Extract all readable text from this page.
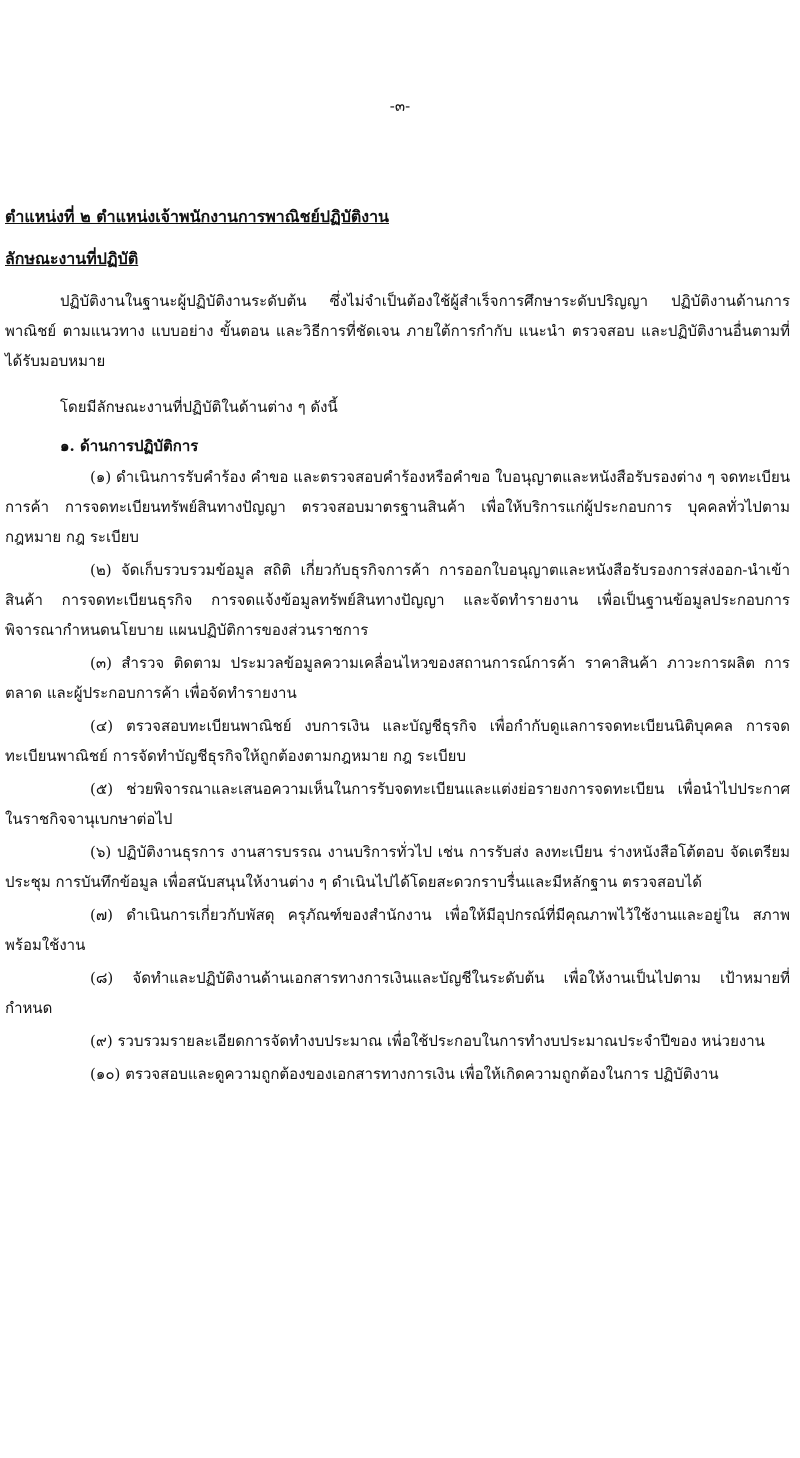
-๓-
ตำแหน่งที่ ๒ ตำแหน่งเจ้าพนักงานการพาณิชย์ปฏิบัติงาน
ลักษณะงานที่ปฏิบัติ

ปฏิบัติงานในฐานะผู้ปฏิบัติงานระดับต้น ซึ่งไม่จำเป็นต้องใช้ผู้สำเร็จการศึกษาระดับปริญญา ปฏิบัติงานด้านการพาณิชย์ ตามแนวทาง แบบอย่าง ขั้นตอน และวิธีการที่ชัดเจน ภายใต้การกำกับ แนะนำ ตรวจสอบ และปฏิบัติงานอื่นตามที่ได้รับมอบหมาย

โดยมีลักษณะงานที่ปฏิบัติในด้านต่าง ๆ ดังนี้

๑. ด้านการปฏิบัติการ
(๑) ดำเนินการรับคำร้อง คำขอ และตรวจสอบคำร้องหรือคำขอ ใบอนุญาตและหนังสือรับรองต่าง ๆ จดทะเบียนการค้า การจดทะเบียนทรัพย์สินทางปัญญา ตรวจสอบมาตรฐานสินค้า เพื่อให้บริการแก่ผู้ประกอบการ บุคคลทั่วไปตามกฎหมาย กฎ ระเบียบ
(๒) จัดเก็บรวบรวมข้อมูล สถิติ เกี่ยวกับธุรกิจการค้า การออกใบอนุญาตและหนังสือรับรองการส่งออก-นำเข้าสินค้า การจดทะเบียนธุรกิจ การจดแจ้งข้อมูลทรัพย์สินทางปัญญา และจัดทำรายงาน เพื่อเป็นฐานข้อมูลประกอบการพิจารณากำหนดนโยบาย แผนปฏิบัติการของส่วนราชการ
(๓) สำรวจ ติดตาม ประมวลข้อมูลความเคลื่อนไหวของสถานการณ์การค้า ราคาสินค้า ภาวะการผลิต การตลาด และผู้ประกอบการค้า เพื่อจัดทำรายงาน
(๔) ตรวจสอบทะเบียนพาณิชย์ งบการเงิน และบัญชีธุรกิจ เพื่อกำกับดูแลการจดทะเบียนนิติบุคคล การจดทะเบียนพาณิชย์ การจัดทำบัญชีธุรกิจให้ถูกต้องตามกฎหมาย กฎ ระเบียบ
(๕) ช่วยพิจารณาและเสนอความเห็นในการรับจดทะเบียนและแต่งย่อรายงการจดทะเบียน เพื่อนำไปประกาศในราชกิจจานุเบกษาต่อไป
(๖) ปฏิบัติงานธุรการ งานสารบรรณ งานบริการทั่วไป เช่น การรับส่ง ลงทะเบียน ร่างหนังสือโต้ตอบ จัดเตรียมประชุม การบันทึกข้อมูล เพื่อสนับสนุนให้งานต่าง ๆ ดำเนินไปได้โดยสะดวกราบรื่นและมีหลักฐาน ตรวจสอบได้
(๗) ดำเนินการเกี่ยวกับพัสดุ ครุภัณฑ์ของสำนักงาน เพื่อให้มีอุปกรณ์ที่มีคุณภาพไว้ใช้งานและอยู่ใน สภาพพร้อมใช้งาน
(๘) จัดทำและปฏิบัติงานด้านเอกสารทางการเงินและบัญชีในระดับต้น เพื่อให้งานเป็นไปตาม เป้าหมายที่กำหนด
(๙) รวบรวมรายละเอียดการจัดทำงบประมาณ เพื่อใช้ประกอบในการทำงบประมาณประจำปีของ หน่วยงาน
(๑๐) ตรวจสอบและดูความถูกต้องของเอกสารทางการเงิน เพื่อให้เกิดความถูกต้องในการ ปฏิบัติงาน
